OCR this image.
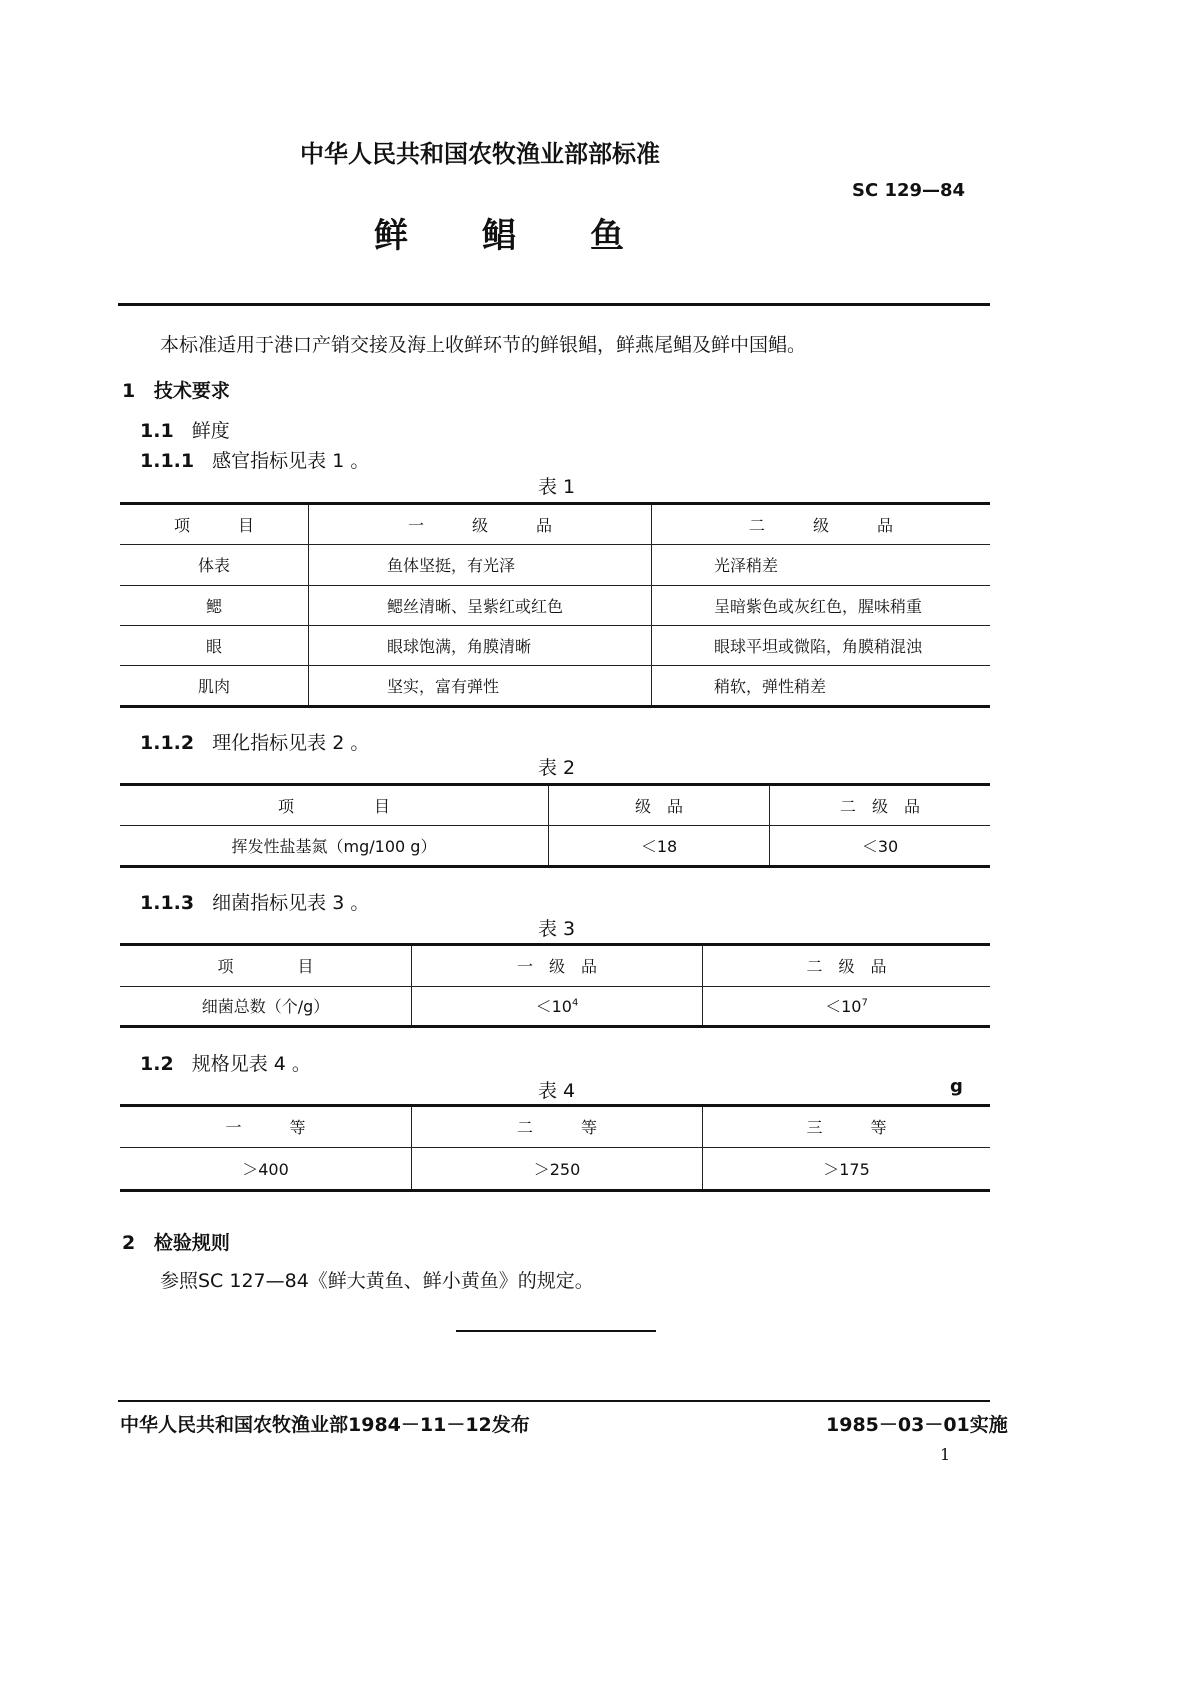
中华人民共和国农牧渔业部部标准
SC 129—84
鲜　　鲳　　鱼
本标准适用于港口产销交接及海上收鲜环节的鲜银鲳，鲜燕尾鲳及鲜中国鲳。
1 技术要求
1.1 鲜度
1.1.1 感官指标见表 1 。
表 1
项　　　目	一　　　级　　　品	二　　　级　　　品
体表	鱼体坚挺，有光泽	光泽稍差
鳃	鳃丝清晰、呈紫红或红色	呈暗紫色或灰红色，腥味稍重
眼	眼球饱满，角膜清晰	眼球平坦或微陷，角膜稍混浊
肌肉	坚实，富有弹性	稍软，弹性稍差
1.1.2 理化指标见表 2 。
表 2
项　　　　　目	级　品	二　级　品
挥发性盐基氮（mg/100 g）	＜18	＜30
1.1.3 细菌指标见表 3 。
表 3
项　　　　目	一　级　品	二　级　品
细菌总数（个/g）	$<10^4$	$<10^7$
1.2 规格见表 4 。
表 4	g
一　　　等	二　　　等	三　　　等
＞400	＞250	＞175
2 检验规则
参照SC 127—84《鲜大黄鱼、鲜小黄鱼》的规定。
中华人民共和国农牧渔业部1984－11－12发布	1985－03－01实施
1
